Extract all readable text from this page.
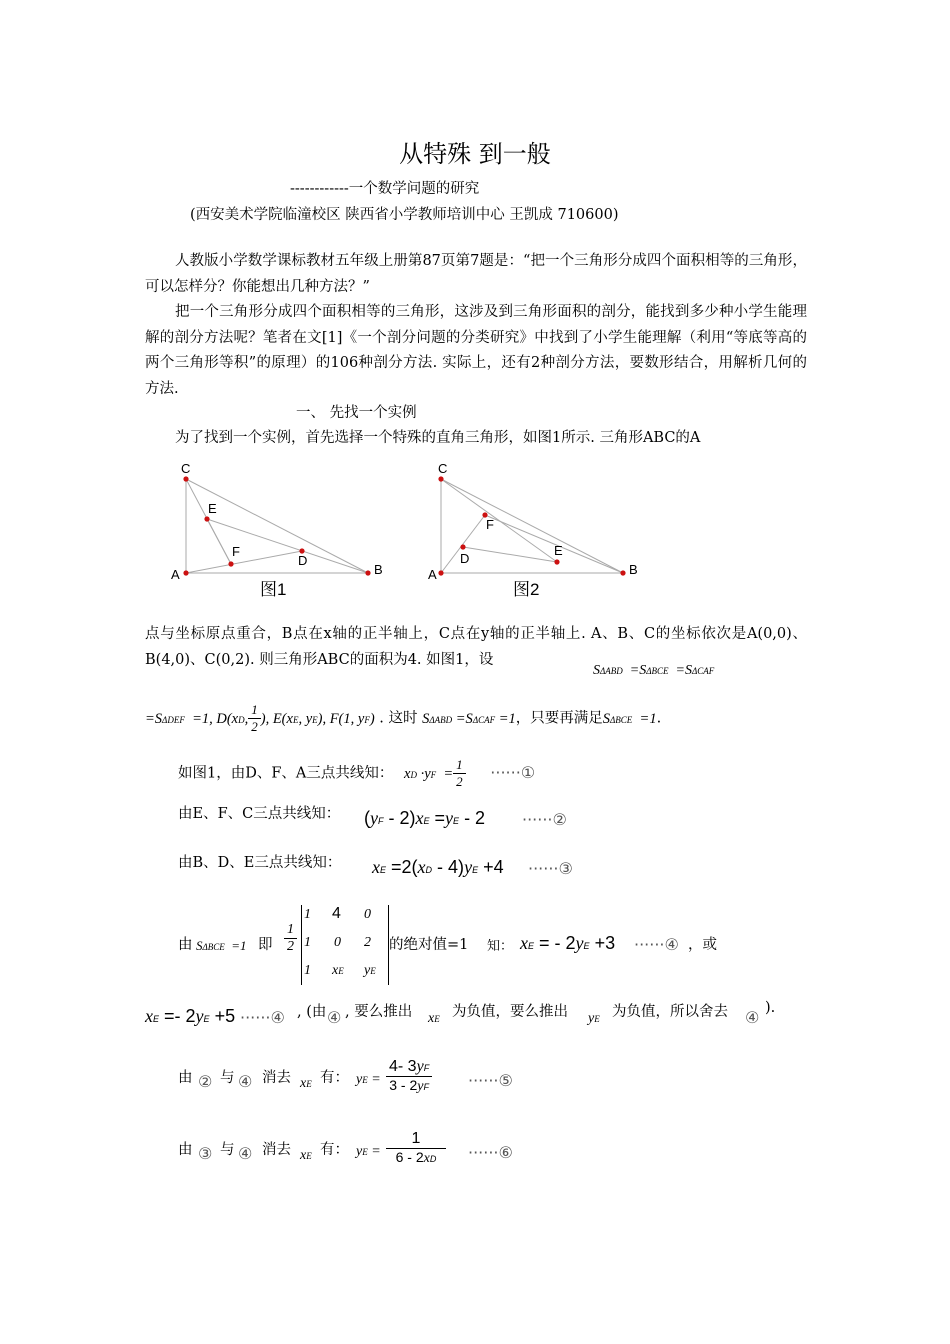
从特殊 到一般
------------一个数学问题的研究
(西安美术学院临潼校区 陕西省小学教师培训中心 王凯成 710600)
人教版小学数学课标教材五年级上册第87页第7题是：“把一个三角形分成四个面积相等的三角形，可以怎样分？你能想出几种方法？”
把一个三角形分成四个面积相等的三角形，这涉及到三角形面积的剖分，能找到多少种小学生能理解的剖分方法呢？笔者在文[1]《一个剖分问题的分类研究》中找到了小学生能理解（利用“等底等高的两个三角形等积”的原理）的106种剖分方法. 实际上，还有2种剖分方法，要数形结合，用解析几何的方法.
一、 先找一个实例
为了找到一个实例，首先选择一个特殊的直角三角形，如图1所示. 三角形ABC的A
C
E
F
D
A	B
图1
C
F
D
E
A	B
图2
点与坐标原点重合，B点在x轴的正半轴上，C点在y轴的正半轴上. A、B、C的坐标依次是A(0,0)、B(4,0)、C(0,2). 则三角形ABC的面积为4. 如图1，设
SΔABD  =SΔBCE  =SΔCAF
=SΔDEF  =1, D(xD, $\frac{1}{2}$ ), E(xE, yE), F(1, yF) . 这时 SΔABD =SΔCAF =1，只要再满足SΔBCE  =1.
如图1，由D、F、A三点共线知： xD $\cdot yF = \frac{1}{2}$ ······①
由E、F、C三点共线知： (yF - 2)xE =yE - 2 ······②
由B、D、E三点共线知： xE =2(xD - 4)yE +4 ······③
由 SΔBCE  =1 即 $\frac{1}{2}$
1 4 0
1 0 2
1 xE yE
的绝对值=1 知： xE = - 2yE +3 ······④ ，或
xE =- 2yE +5 ······④ , (由 ④ , 要么推出 xE 为负值，要么推出 yE 为负值，所以舍去 ④ ).
由 ② 与 ④ 消去 xE 有： yE = $\frac{4- 3yF}{3 - 2yF}$ ······⑤
由 ③ 与 ④ 消去 xE 有： yE = $\frac{1}{6 - 2xD}$ ······⑥
